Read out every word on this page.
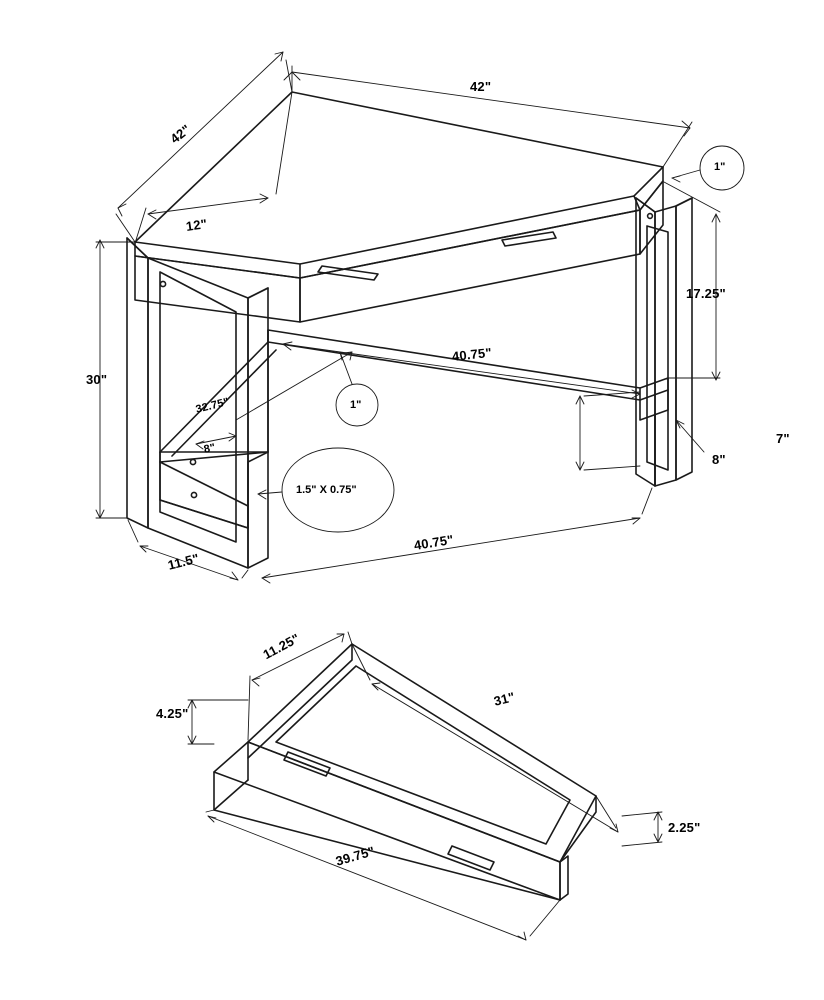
42"
42"
12"
1"
17.25"
30"
40.75"
32.75"	1"
8"
7"
8"
1.5" X 0.75"
11.5"
40.75"
11.25"
31"
4.25"
39.75"
2.25"
